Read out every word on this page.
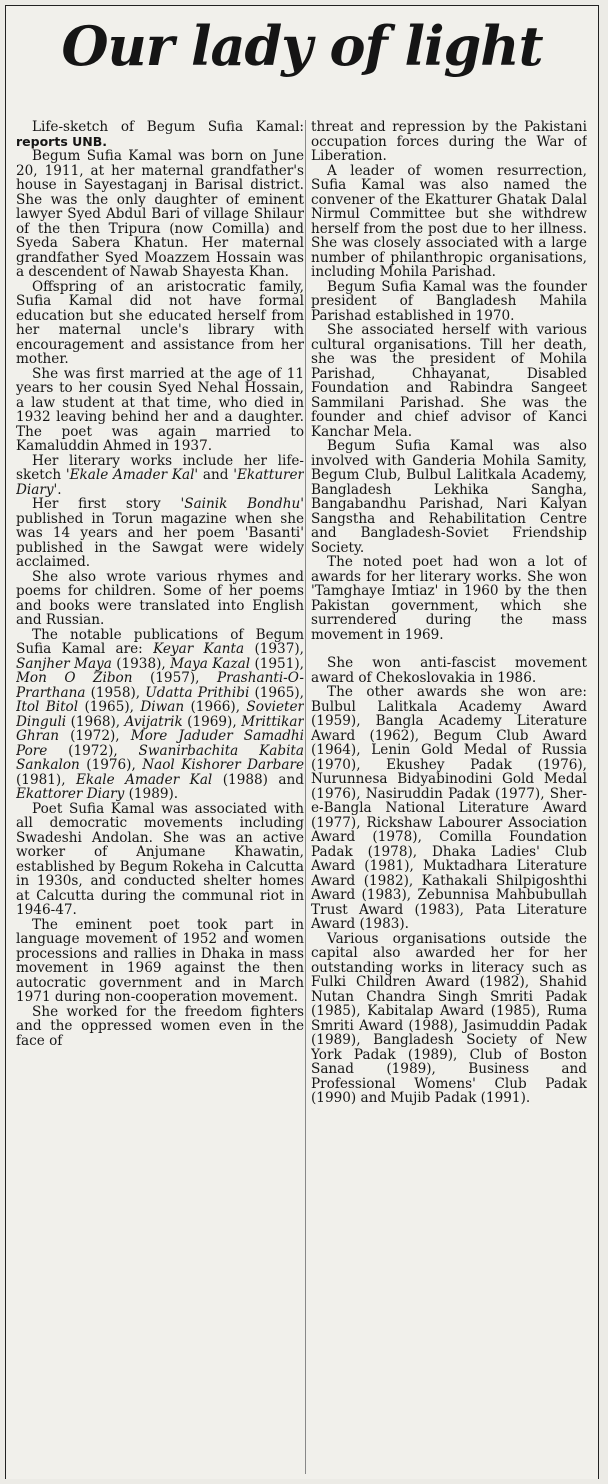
Our lady of light

Life-sketch of Begum Sufia Kamal: reports UNB.

Begum Sufia Kamal was born on June 20, 1911, at her maternal grandfather's house in Sayestaganj in Barisal district. She was the only daughter of eminent lawyer Syed Abdul Bari of village Shilaur of the then Tripura (now Comilla) and Syeda Sabera Khatun. Her maternal grandfather Syed Moazzem Hossain was a descendent of Nawab Shayesta Khan.

Offspring of an aristocratic family, Sufia Kamal did not have formal education but she educated herself from her maternal uncle's library with encouragement and assistance from her mother.

She was first married at the age of 11 years to her cousin Syed Nehal Hossain, a law student at that time, who died in 1932 leaving behind her and a daughter. The poet was again married to Kamaluddin Ahmed in 1937.

Her literary works include her life-sketch 'Ekale Amader Kal' and 'Ekatturer Diary'.

Her first story 'Sainik Bondhu' published in Torun magazine when she was 14 years and her poem 'Basanti' published in the Sawgat were widely acclaimed.

She also wrote various rhymes and poems for children. Some of her poems and books were translated into English and Russian.

The notable publications of Begum Sufia Kamal are: Keyar Kanta (1937), Sanjher Maya (1938), Maya Kazal (1951), Mon O Zibon (1957), Prashanti-O-Prarthana (1958), Udatta Prithibi (1965), Itol Bitol (1965), Diwan (1966), Sovieter Dinguli (1968), Avijatrik (1969), Mrittikar Ghran (1972), More Jaduder Samadhi Pore (1972), Swanirbachita Kabita Sankalon (1976), Naol Kishorer Darbare (1981), Ekale Amader Kal (1988) and Ekattorer Diary (1989).

Poet Sufia Kamal was associated with all democratic movements including Swadeshi Andolan. She was an active worker of Anjumane Khawatin, established by Begum Rokeha in Calcutta in 1930s, and conducted shelter homes at Calcutta during the communal riot in 1946-47.

The eminent poet took part in language movement of 1952 and women processions and rallies in Dhaka in mass movement in 1969 against the then autocratic government and in March 1971 during non-cooperation movement.

She worked for the freedom fighters and the oppressed women even in the face of

threat and repression by the Pakistani occupation forces during the War of Liberation.

A leader of women resurrection, Sufia Kamal was also named the convener of the Ekatturer Ghatak Dalal Nirmul Committee but she withdrew herself from the post due to her illness. She was closely associated with a large number of philanthropic organisations, including Mohila Parishad.

Begum Sufia Kamal was the founder president of Bangladesh Mahila Parishad established in 1970.

She associated herself with various cultural organisations. Till her death, she was the president of Mohila Parishad, Chhayanat, Disabled Foundation and Rabindra Sangeet Sammilani Parishad. She was the founder and chief advisor of Kanci Kanchar Mela.

Begum Sufia Kamal was also involved with Ganderia Mohila Samity, Begum Club, Bulbul Lalitkala Academy, Bangladesh Lekhika Sangha, Bangabandhu Parishad, Nari Kalyan Sangstha and Rehabilitation Centre and Bangladesh-Soviet Friendship Society.

The noted poet had won a lot of awards for her literary works. She won 'Tamghaye Imtiaz' in 1960 by the then Pakistan government, which she surrendered during the mass movement in 1969.

She won anti-fascist movement award of Chekoslovakia in 1986.

The other awards she won are: Bulbul Lalitkala Academy Award (1959), Bangla Academy Literature Award (1962), Begum Club Award (1964), Lenin Gold Medal of Russia (1970), Ekushey Padak (1976), Nurunnesa Bidyabinodini Gold Medal (1976), Nasiruddin Padak (1977), Sher-e-Bangla National Literature Award (1977), Rickshaw Labourer Association Award (1978), Comilla Foundation Padak (1978), Dhaka Ladies' Club Award (1981), Muktadhara Literature Award (1982), Kathakali Shilpigoshthi Award (1983), Zebunnisa Mahbubullah Trust Award (1983), Pata Literature Award (1983).

Various organisations outside the capital also awarded her for her outstanding works in literacy such as Fulki Children Award (1982), Shahid Nutan Chandra Singh Smriti Padak (1985), Kabitalap Award (1985), Ruma Smriti Award (1988), Jasimuddin Padak (1989), Bangladesh Society of New York Padak (1989), Club of Boston Sanad (1989), Business and Professional Womens' Club Padak (1990) and Mujib Padak (1991).
